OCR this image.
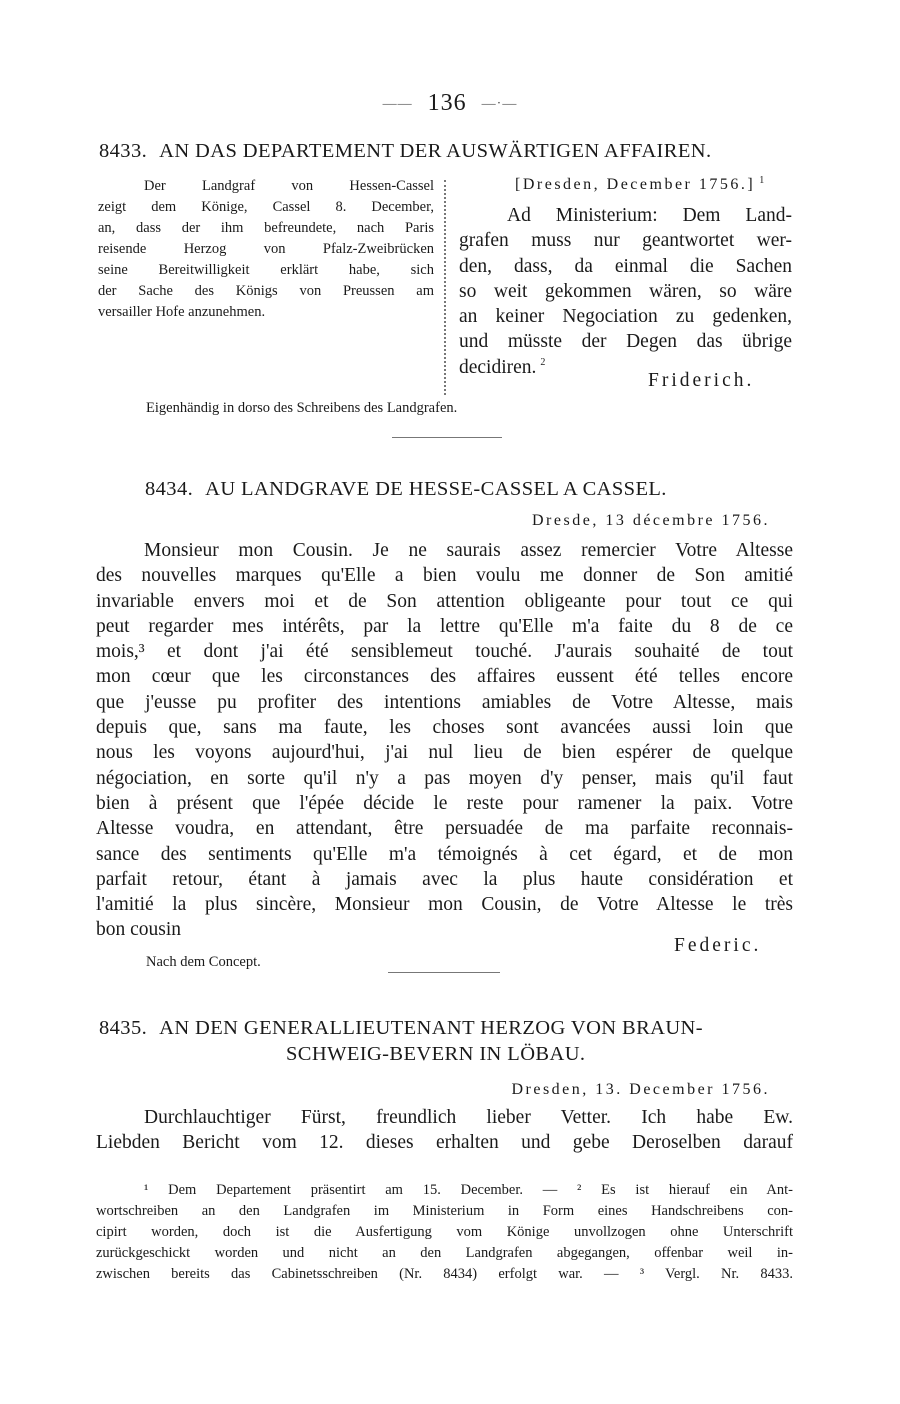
—— 136 —·—
8433. AN DAS DEPARTEMENT DER AUSWÄRTIGEN AFFAIREN.
Der Landgraf von Hessen-Cassel
zeigt dem Könige, Cassel 8. December,
an, dass der ihm befreundete, nach Paris
reisende Herzog von Pfalz-Zweibrücken
seine Bereitwilligkeit erklärt habe, sich
der Sache des Königs von Preussen am
versailler Hofe anzunehmen.
[Dresden, December 1756.] $^1$
Ad Ministerium: Dem Land-
grafen muss nur geantwortet wer-
den, dass, da einmal die Sachen
so weit gekommen wären, so wäre
an keiner Negociation zu gedenken,
und müsste der Degen das übrige
decidiren. $^2$
Friderich.
Eigenhändig in dorso des Schreibens des Landgrafen.
8434. AU LANDGRAVE DE HESSE-CASSEL A CASSEL.
Dresde, 13 décembre 1756.
Monsieur mon Cousin. Je ne saurais assez remercier Votre Altesse
des nouvelles marques qu'Elle a bien voulu me donner de Son amitié
invariable envers moi et de Son attention obligeante pour tout ce qui
peut regarder mes intérêts, par la lettre qu'Elle m'a faite du 8 de ce
mois,³ et dont j'ai été sensiblemeut touché. J'aurais souhaité de tout
mon cœur que les circonstances des affaires eussent été telles encore
que j'eusse pu profiter des intentions amiables de Votre Altesse, mais
depuis que, sans ma faute, les choses sont avancées aussi loin que
nous les voyons aujourd'hui, j'ai nul lieu de bien espérer de quelque
négociation, en sorte qu'il n'y a pas moyen d'y penser, mais qu'il faut
bien à présent que l'épée décide le reste pour ramener la paix. Votre
Altesse voudra, en attendant, être persuadée de ma parfaite reconnais-
sance des sentiments qu'Elle m'a témoignés à cet égard, et de mon
parfait retour, étant à jamais avec la plus haute considération et
l'amitié la plus sincère, Monsieur mon Cousin, de Votre Altesse le très
bon cousin
Federic.
Nach dem Concept.
8435. AN DEN GENERALLIEUTENANT HERZOG VON BRAUN-
SCHWEIG-BEVERN IN LÖBAU.
Dresden, 13. December 1756.
Durchlauchtiger Fürst, freundlich lieber Vetter. Ich habe Ew.
Liebden Bericht vom 12. dieses erhalten und gebe Deroselben darauf
¹ Dem Departement präsentirt am 15. December. — ² Es ist hierauf ein Ant-
wortschreiben an den Landgrafen im Ministerium in Form eines Handschreibens con-
cipirt worden, doch ist die Ausfertigung vom Könige unvollzogen ohne Unterschrift
zurückgeschickt worden und nicht an den Landgrafen abgegangen, offenbar weil in-
zwischen bereits das Cabinetsschreiben (Nr. 8434) erfolgt war. — ³ Vergl. Nr. 8433.
